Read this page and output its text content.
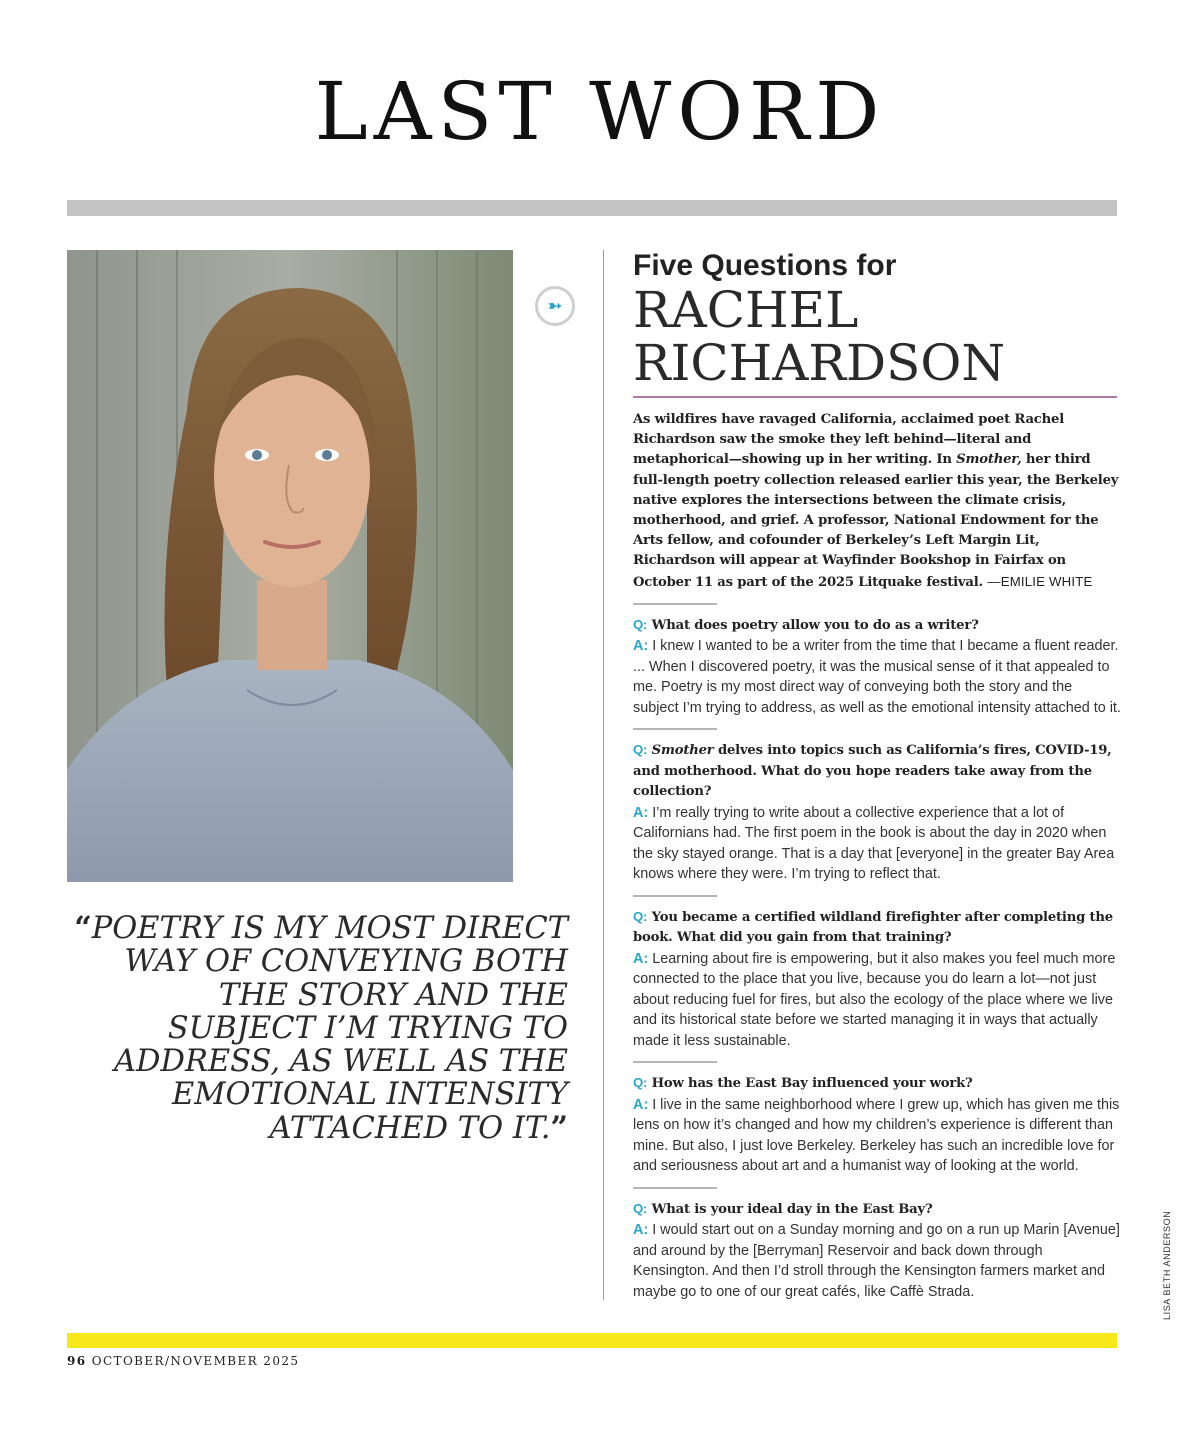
LAST WORD
➳
“POETRY IS MY MOST DIRECT WAY OF CONVEYING BOTH THE STORY AND THE SUBJECT I’M TRYING TO ADDRESS, AS WELL AS THE EMOTIONAL INTENSITY ATTACHED TO IT.”
Five Questions for
RACHEL
RICHARDSON
As wildfires have ravaged California, acclaimed poet Rachel Richardson saw the smoke they left behind—literal and metaphorical—showing up in her writing. In Smother, her third full-length poetry collection released earlier this year, the Berkeley native explores the intersections between the climate crisis, motherhood, and grief. A professor, National Endowment for the Arts fellow, and cofounder of Berkeley’s Left Margin Lit, Richardson will appear at Wayfinder Bookshop in Fairfax on October 11 as part of the 2025 Litquake festival. —EMILIE WHITE
Q: What does poetry allow you to do as a writer?
A: I knew I wanted to be a writer from the time that I became a fluent reader. ... When I discovered poetry, it was the musical sense of it that appealed to me. Poetry is my most direct way of conveying both the story and the subject I’m trying to address, as well as the emotional intensity attached to it.
Q: Smother delves into topics such as California’s fires, COVID-19, and motherhood. What do you hope readers take away from the collection?
A: I’m really trying to write about a collective experience that a lot of Californians had. The first poem in the book is about the day in 2020 when the sky stayed orange. That is a day that [everyone] in the greater Bay Area knows where they were. I’m trying to reflect that.
Q: You became a certified wildland firefighter after completing the book. What did you gain from that training?
A: Learning about fire is empowering, but it also makes you feel much more connected to the place that you live, because you do learn a lot—not just about reducing fuel for fires, but also the ecology of the place where we live and its historical state before we started managing it in ways that actually made it less sustainable.
Q: How has the East Bay influenced your work?
A: I live in the same neighborhood where I grew up, which has given me this lens on how it’s changed and how my children’s experience is different than mine. But also, I just love Berkeley. Berkeley has such an incredible love for and seriousness about art and a humanist way of looking at the world.
Q: What is your ideal day in the East Bay?
A: I would start out on a Sunday morning and go on a run up Marin [Avenue] and around by the [Berryman] Reservoir and back down through Kensington. And then I’d stroll through the Kensington farmers market and maybe go to one of our great cafés, like Caffè Strada.	LISA BETH ANDERSON
96 OCTOBER/NOVEMBER 2025
